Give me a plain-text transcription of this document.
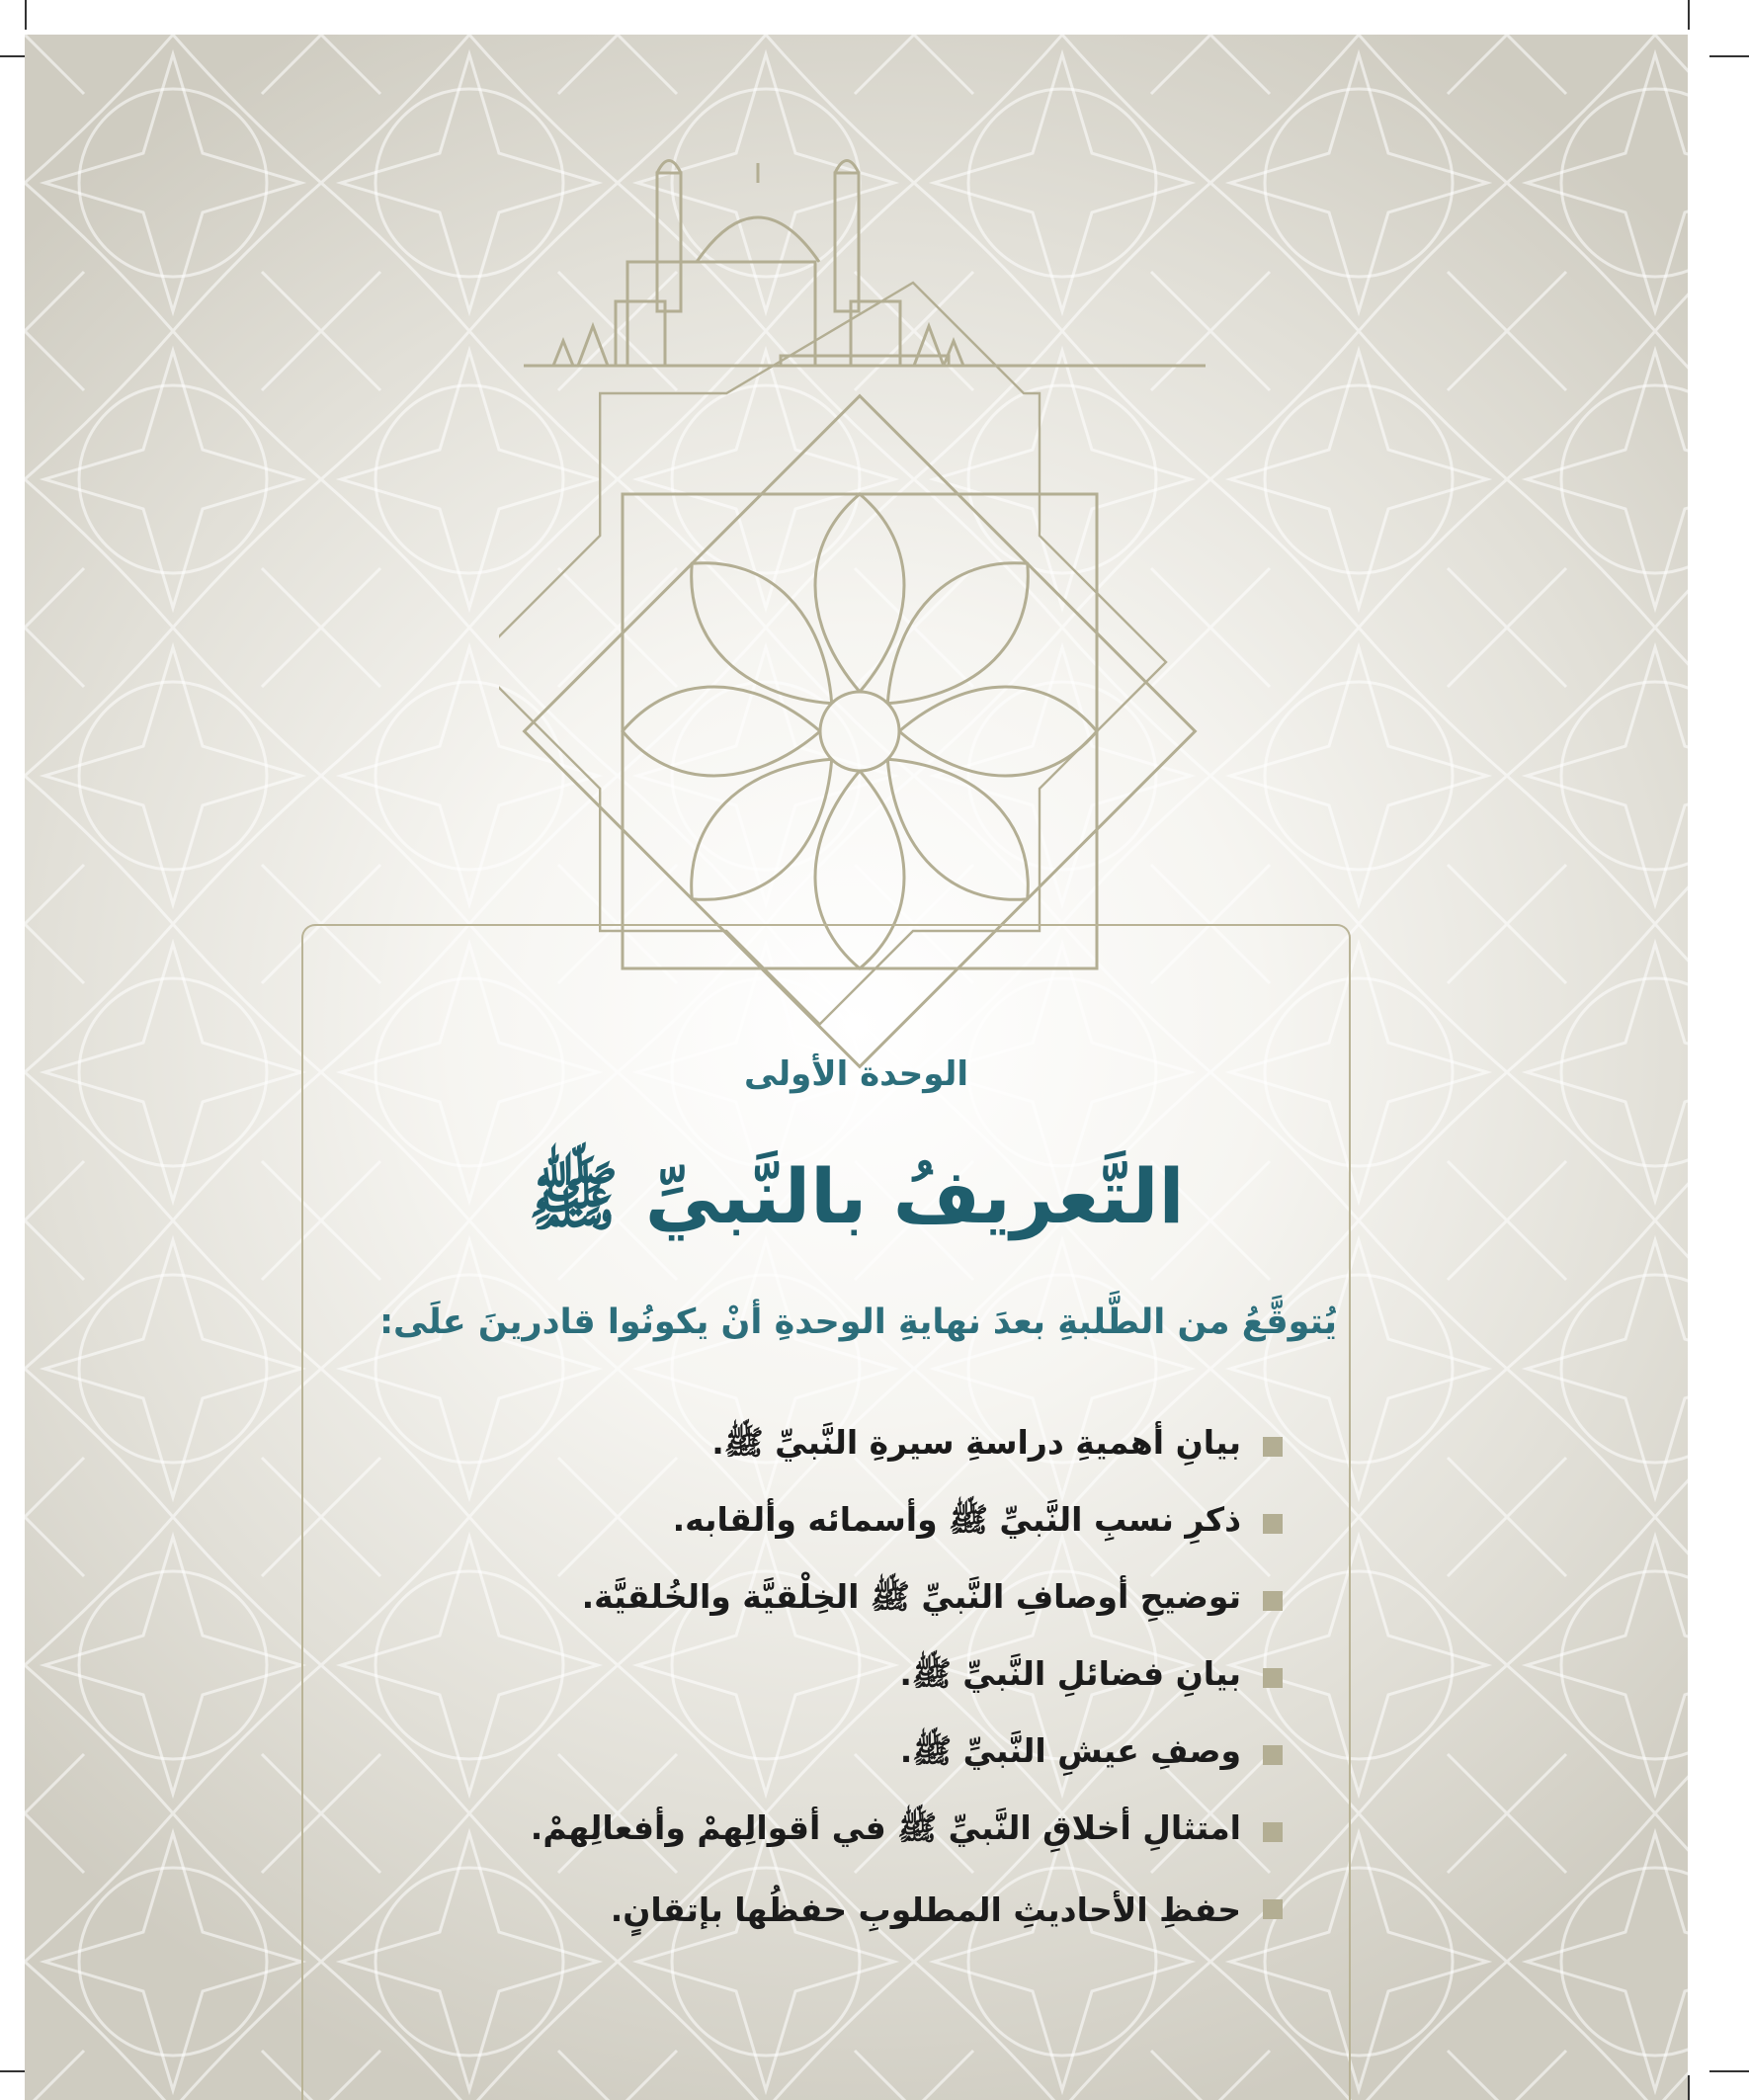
الوحدة الأولى
التَّعريفُ بالنَّبيِّ ﷺ
يُتوقَّعُ من الطَّلبةِ بعدَ نهايةِ الوحدةِ أنْ يكونُوا قادرينَ علَى:
بيانِ أهميةِ دراسةِ سيرةِ النَّبيِّ ﷺ.
ذكرِ نسبِ النَّبيِّ ﷺ وأسمائه وألقابه.
توضيحِ أوصافِ النَّبيِّ ﷺ الخِلْقيَّة والخُلقيَّة.
بيانِ فضائلِ النَّبيِّ ﷺ.
وصفِ عيشِ النَّبيِّ ﷺ.
امتثالِ أخلاقِ النَّبيِّ ﷺ في أقوالِهمْ وأفعالِهمْ.
حفظِ الأحاديثِ المطلوبِ حفظُها بإتقانٍ.
